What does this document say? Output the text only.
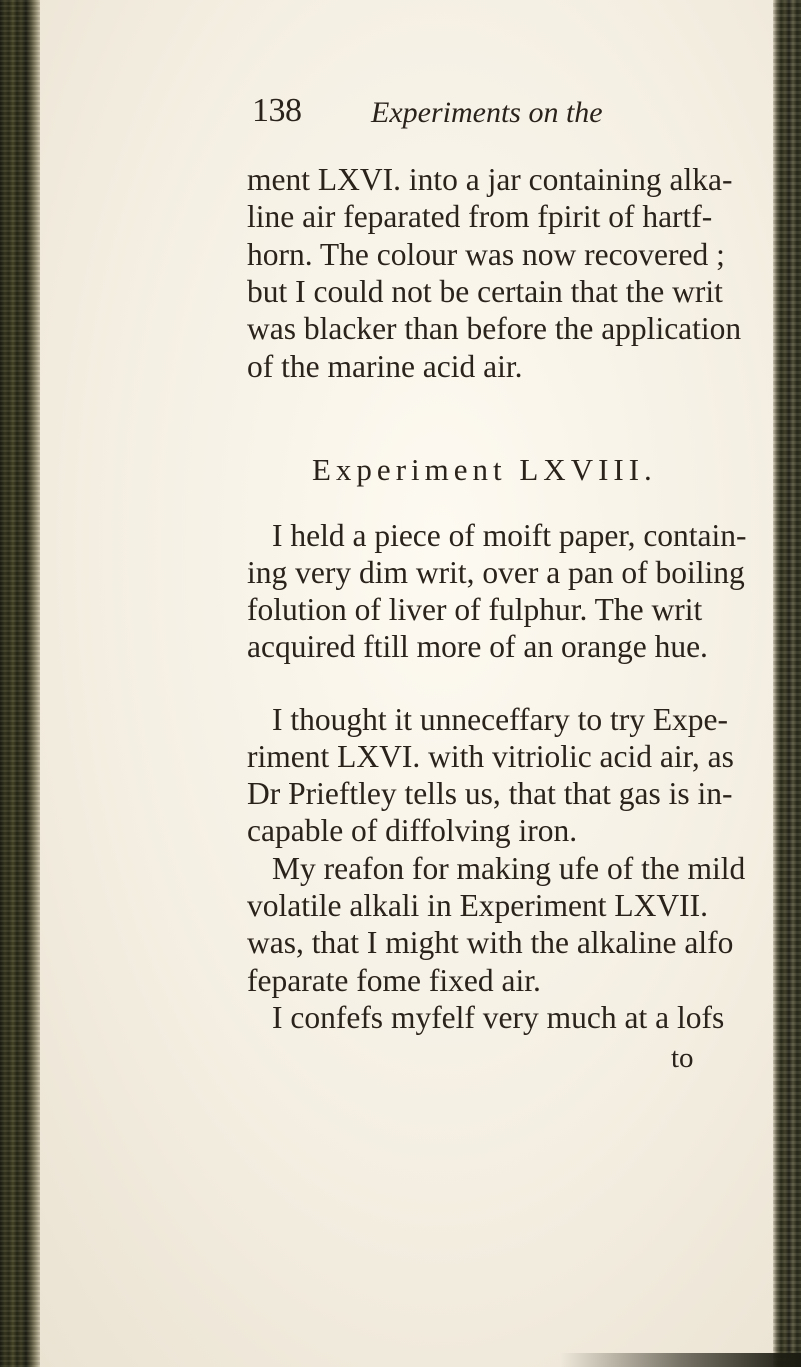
138 Experiments on the
ment LXVI. into a jar containing alka-
line air feparated from fpirit of hartf-
horn. The colour was now recovered ;
but I could not be certain that the writ
was blacker than before the application
of the marine acid air.
Experiment LXVIII.
I held a piece of moift paper, contain-
ing very dim writ, over a pan of boiling
folution of liver of fulphur. The writ
acquired ftill more of an orange hue.
I thought it unneceffary to try Expe-
riment LXVI. with vitriolic acid air, as
Dr Prieftley tells us, that that gas is in-
capable of diffolving iron.
My reafon for making ufe of the mild
volatile alkali in Experiment LXVII.
was, that I might with the alkaline alfo
feparate fome fixed air.
I confefs myfelf very much at a lofs
to
